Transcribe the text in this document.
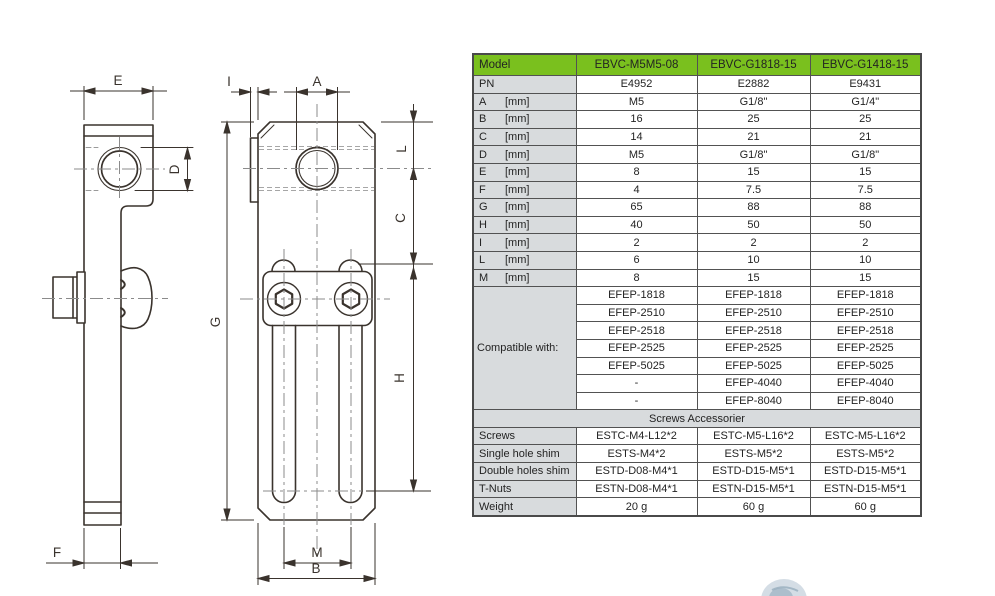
E	I	A
D
L
C
G
H
F	M
B
Model	EBVC-M5M5-08	EBVC-G1818-15	EBVC-G1418-15
PN	E4952	E2882	E9431
A [mm]	M5	G1/8"	G1/4"
B [mm]	16	25	25
C [mm]	14	21	21
D [mm]	M5	G1/8"	G1/8"
E [mm]	8	15	15
F [mm]	4	7.5	7.5
G [mm]	65	88	88
H [mm]	40	50	50
I [mm]	2	2	2
L [mm]	6	10	10
M [mm]	8	15	15
Compatible with:	EFEP-1818	EFEP-1818	EFEP-1818
	EFEP-2510	EFEP-2510	EFEP-2510
	EFEP-2518	EFEP-2518	EFEP-2518
	EFEP-2525	EFEP-2525	EFEP-2525
	EFEP-5025	EFEP-5025	EFEP-5025
	-	EFEP-4040	EFEP-4040
	-	EFEP-8040	EFEP-8040
Screws Accessorier			
Screws	ESTC-M4-L12*2	ESTC-M5-L16*2	ESTC-M5-L16*2
Single hole shim	ESTS-M4*2	ESTS-M5*2	ESTS-M5*2
Double holes shim	ESTD-D08-M4*1	ESTD-D15-M5*1	ESTD-D15-M5*1
T-Nuts	ESTN-D08-M4*1	ESTN-D15-M5*1	ESTN-D15-M5*1
Weight	20 g	60 g	60 g
